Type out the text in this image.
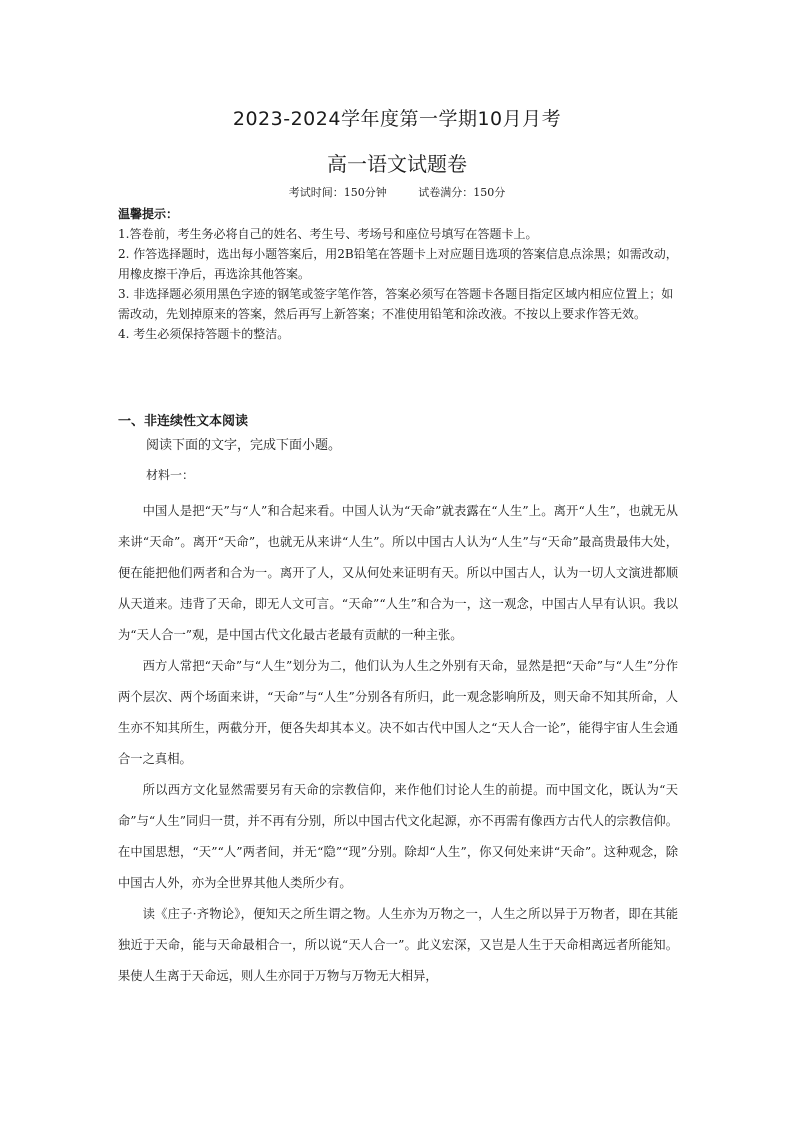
2023-2024学年度第一学期10月月考
高一语文试题卷
考试时间：150分钟	试卷满分：150分

温馨提示：

1.答卷前，考生务必将自己的姓名、考生号、考场号和座位号填写在答题卡上。

2. 作答选择题时，选出每小题答案后，用2B铅笔在答题卡上对应题目选项的答案信息点涂黑；如需改动，用橡皮擦干净后，再选涂其他答案。

3. 非选择题必须用黑色字迹的钢笔或签字笔作答，答案必须写在答题卡各题目指定区域内相应位置上；如需改动，先划掉原来的答案，然后再写上新答案；不准使用铅笔和涂改液。不按以上要求作答无效。

4. 考生必须保持答题卡的整洁。

一、非连续性文本阅读
阅读下面的文字，完成下面小题。
材料一：

中国人是把“天”与“人”和合起来看。中国人认为“天命”就表露在“人生”上。离开“人生”，也就无从来讲“天命”。离开“天命”，也就无从来讲“人生”。所以中国古人认为“人生”与“天命”最高贵最伟大处，便在能把他们两者和合为一。离开了人，又从何处来证明有天。所以中国古人，认为一切人文演进都顺从天道来。违背了天命，即无人文可言。“天命”“人生”和合为一，这一观念，中国古人早有认识。我以为“天人合一”观，是中国古代文化最古老最有贡献的一种主张。

西方人常把“天命”与“人生”划分为二，他们认为人生之外别有天命，显然是把“天命”与“人生”分作两个层次、两个场面来讲，“天命”与“人生”分别各有所归，此一观念影响所及，则天命不知其所命，人生亦不知其所生，两截分开，便各失却其本义。决不如古代中国人之“天人合一论”，能得宇宙人生会通合一之真相。

所以西方文化显然需要另有天命的宗教信仰，来作他们讨论人生的前提。而中国文化，既认为“天命”与“人生”同归一贯，并不再有分别，所以中国古代文化起源，亦不再需有像西方古代人的宗教信仰。在中国思想，“天”“人”两者间，并无“隐”“现”分别。除却“人生”，你又何处来讲“天命”。这种观念，除中国古人外，亦为全世界其他人类所少有。

读《庄子·齐物论》，便知天之所生谓之物。人生亦为万物之一，人生之所以异于万物者，即在其能独近于天命，能与天命最相合一，所以说“天人合一”。此义宏深，又岂是人生于天命相离远者所能知。果使人生离于天命远，则人生亦同于万物与万物无大相异，
